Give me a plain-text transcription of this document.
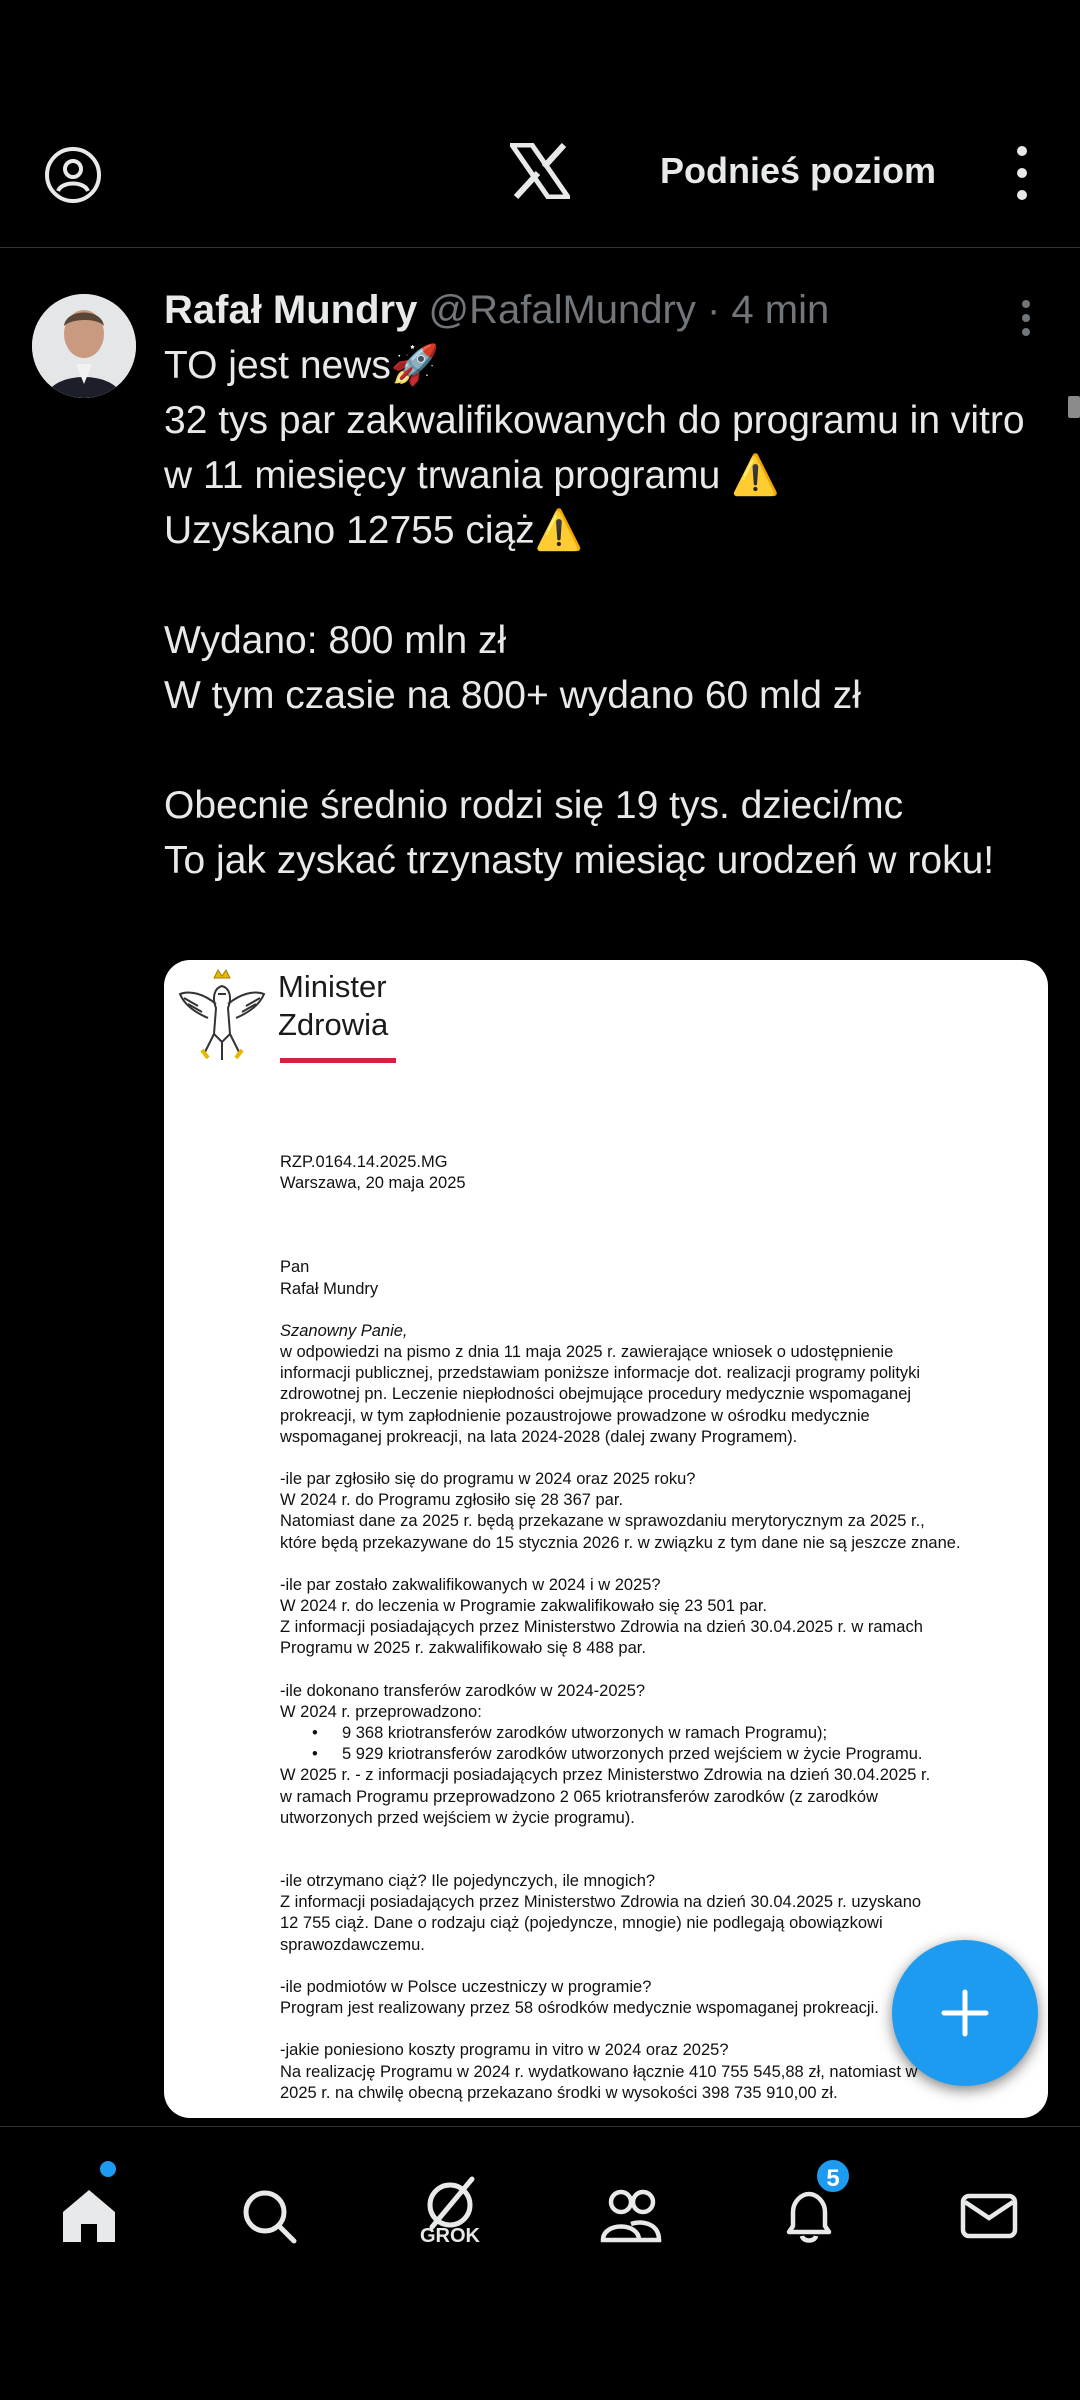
Podnieś poziom
Rafał Mundry @RafalMundry · 4 min
TO jest news🚀
32 tys par zakwalifikowanych do programu in vitro w 11 miesięcy trwania programu ⚠️
Uzyskano 12755 ciąż⚠️

Wydano: 800 mln zł
W tym czasie na 800+ wydano 60 mld zł

Obecnie średnio rodzi się 19 tys. dzieci/mc
To jak zyskać trzynasty miesiąc urodzeń w roku!
Minister
Zdrowia

RZP.0164.14.2025.MG

Warszawa, 20 maja 2025

Pan
Rafał Mundry

Szanowny Panie,

w odpowiedzi na pismo z dnia 11 maja 2025 r. zawierające wniosek o udostępnienie
informacji publicznej, przedstawiam poniższe informacje dot. realizacji programy polityki
zdrowotnej pn. Leczenie niepłodności obejmujące procedury medycznie wspomaganej
prokreacji, w tym zapłodnienie pozaustrojowe prowadzone w ośrodku medycznie
wspomaganej prokreacji, na lata 2024-2028 (dalej zwany Programem).

-ile par zgłosiło się do programu w 2024 oraz 2025 roku?
W 2024 r. do Programu zgłosiło się 28 367 par.
Natomiast dane za 2025 r. będą przekazane w sprawozdaniu merytorycznym za 2025 r.,
które będą przekazywane do 15 stycznia 2026 r. w związku z tym dane nie są jeszcze znane.

-ile par zostało zakwalifikowanych w 2024 i w 2025?
W 2024 r. do leczenia w Programie zakwalifikowało się 23 501 par.
Z informacji posiadających przez Ministerstwo Zdrowia na dzień 30.04.2025 r. w ramach
Programu w 2025 r. zakwalifikowało się 8 488 par.

-ile dokonano transferów zarodków w 2024-2025?
W 2024 r. przeprowadzono:

• 9 368 kriotransferów zarodków utworzonych w ramach Programu);
• 5 929 kriotransferów zarodków utworzonych przed wejściem w życie Programu.

W 2025 r. - z informacji posiadających przez Ministerstwo Zdrowia na dzień 30.04.2025 r.
w ramach Programu przeprowadzono 2 065 kriotransferów zarodków (z zarodków
utworzonych przed wejściem w życie programu).

-ile otrzymano ciąż? Ile pojedynczych, ile mnogich?
Z informacji posiadających przez Ministerstwo Zdrowia na dzień 30.04.2025 r. uzyskano
12 755 ciąż. Dane o rodzaju ciąż (pojedyncze, mnogie) nie podlegają obowiązkowi
sprawozdawczemu.

-ile podmiotów w Polsce uczestniczy w programie?
Program jest realizowany przez 58 ośrodków medycznie wspomaganej prokreacji.

-jakie poniesiono koszty programu in vitro w 2024 oraz 2025?
Na realizację Programu w 2024 r. wydatkowano łącznie 410 755 545,88 zł, natomiast w
2025 r. na chwilę obecną przekazano środki w wysokości 398 735 910,00 zł.

GROK
5
